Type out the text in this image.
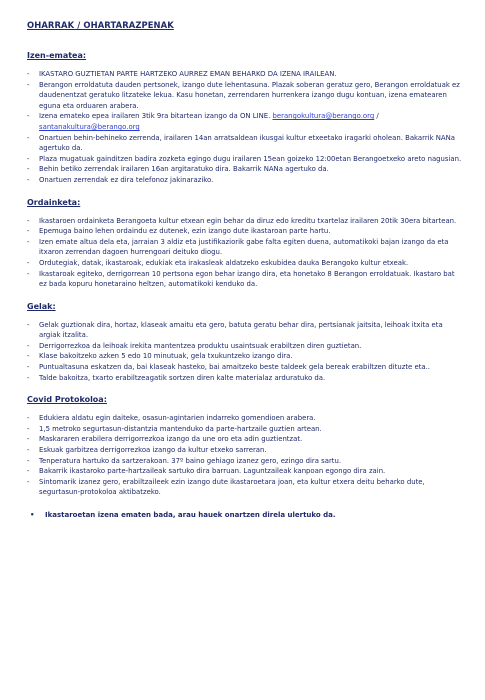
OHARRAK / OHARTARAZPENAK
Izen-ematea:
- IKASTARO GUZTIETAN PARTE HARTZEKO AURREZ EMAN BEHARKO DA IZENA IRAILEAN.
- Berangon erroldatuta dauden pertsonek, izango dute lehentasuna. Plazak soberan geratuz gero, Berangon erroldatuak ez daudenentzat geratuko litzateke lekua. Kasu honetan, zerrendaren hurrenkera izango dugu kontuan, izena ematearen eguna eta orduaren arabera.
- Izena emateko epea irailaren 3tik 9ra bitartean izango da ON LINE. berangokultura@berango.org / santanakultura@berango.org
- Onartuen behin-behineko zerrenda, irailaren 14an arratsaldean ikusgai kultur etxeetako iragarki oholean. Bakarrik NANa agertuko da.
- Plaza mugatuak gainditzen badira zozketa egingo dugu irailaren 15ean goizeko 12:00etan Berangoetxeko areto nagusian.
- Behin betiko zerrendak irailaren 16an argitaratuko dira. Bakarrik NANa agertuko da.
- Onartuen zerrendak ez dira telefonoz jakinaraziko.
Ordainketa:
- Ikastaroen ordainketa Berangoeta kultur etxean egin behar da diruz edo kreditu txartelaz irailaren 20tik 30era bitartean.
- Epemuga baino lehen ordaindu ez dutenek, ezin izango dute ikastaroan parte hartu.
- Izen emate altua dela eta, jarraian 3 aldiz eta justifikaziorik gabe falta egiten duena, automatikoki bajan izango da eta itxaron zerrendan dagoen hurrengoari deituko diogu.
- Ordutegiak, datak, ikastaroak, edukiak eta irakasleak aldatzeko eskubidea dauka Berangoko kultur etxeak.
- Ikastaroak egiteko, derrigorrean 10 pertsona egon behar izango dira, eta honetako 8 Berangon erroldatuak. Ikastaro bat ez bada kopuru honetaraino heltzen, automatikoki kenduko da.
Gelak:
- Gelak guztionak dira, hortaz, klaseak amaitu eta gero, batuta geratu behar dira, pertsianak jaitsita, leihoak itxita eta argiak itzalita.
- Derrigorrezkoa da leihoak irekita mantentzea produktu usaintsuak erabiltzen diren guztietan.
- Klase bakoitzeko azken 5 edo 10 minutuak, gela txukuntzeko izango dira.
- Puntualtasuna eskatzen da, bai klaseak hasteko, bai amaitzeko beste taldeek gela bereak erabiltzen dituzte eta..
- Talde bakoitza, txarto erabiltzeagatik sortzen diren kalte materialaz arduratuko da.
Covid Protokoloa:
- Edukiera aldatu egin daiteke, osasun-agintarien indarreko gomendioen arabera.
- 1,5 metroko segurtasun-distantzia mantenduko da parte-hartzaile guztien artean.
- Maskararen erabilera derrigorrezkoa izango da une oro eta adin guztientzat.
- Eskuak garbitzea derrigorrezkoa izango da kultur etxeko sarreran.
- Tenperatura hartuko da sartzerakoan. 37º baino gehiago izanez gero, ezingo dira sartu.
- Bakarrik ikastaroko parte-hartzaileak sartuko dira barruan. Laguntzaileak kanpoan egongo dira zain.
- Sintomarik izanez gero, erabiltzaileek ezin izango dute ikastaroetara joan, eta kultur etxera deitu beharko dute, segurtasun-protokoloa aktibatzeko.
•	Ikastaroetan izena ematen bada, arau hauek onartzen direla ulertuko da.
